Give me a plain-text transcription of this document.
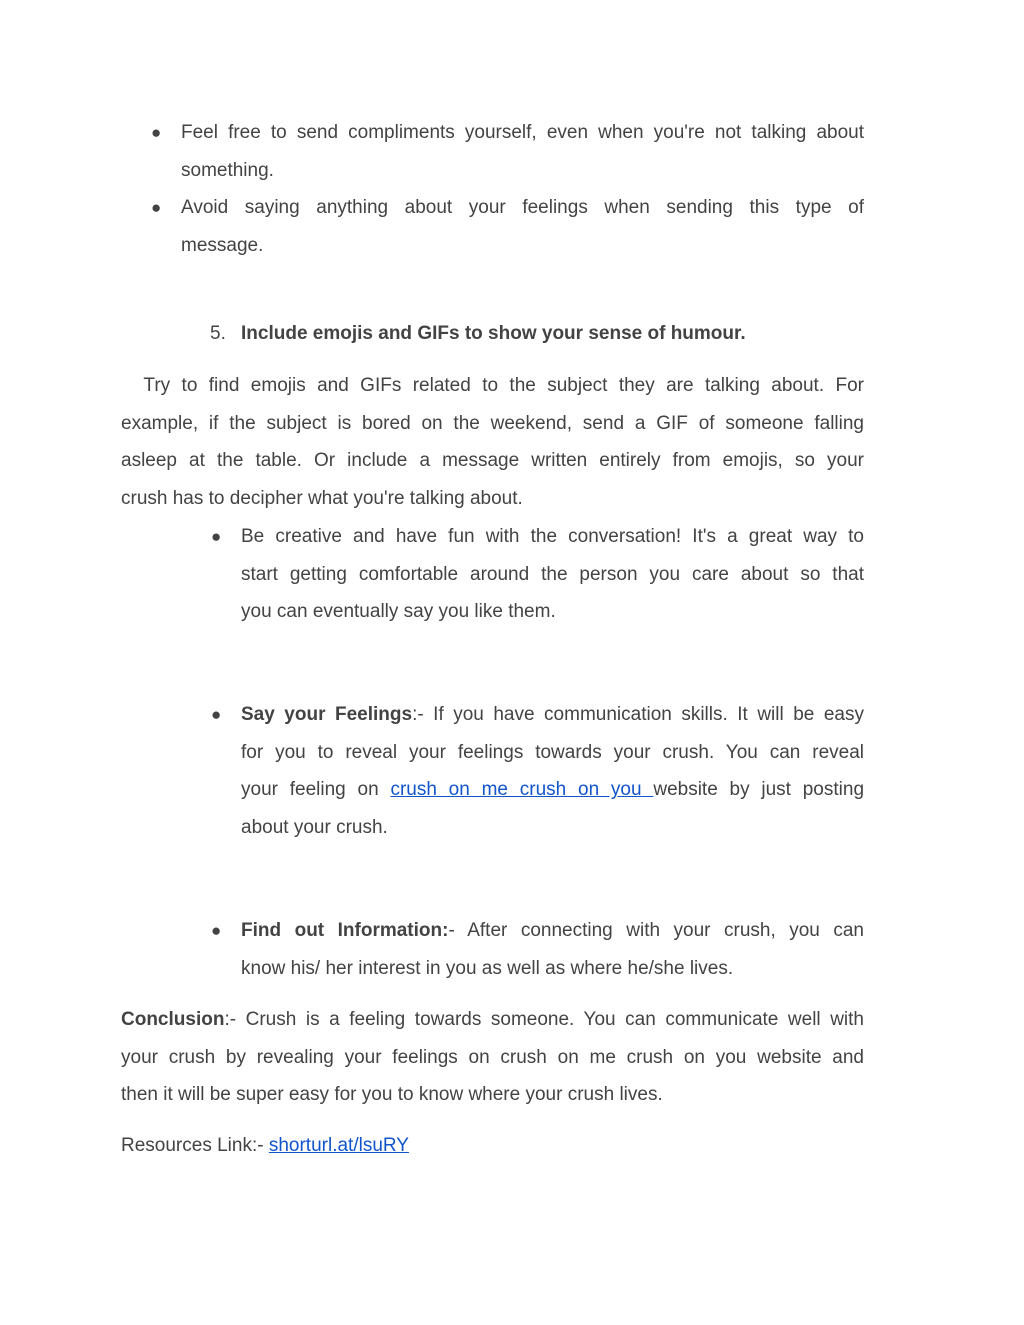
● Feel free to send compliments yourself, even when you're not talking about
something.
● Avoid saying anything about your feelings when sending this type of
message.
5. Include emojis and GIFs to show your sense of humour.
Try to find emojis and GIFs related to the subject they are talking about. For
example, if the subject is bored on the weekend, send a GIF of someone falling
asleep at the table. Or include a message written entirely from emojis, so your
crush has to decipher what you're talking about.
● Be creative and have fun with the conversation! It's a great way to
start getting comfortable around the person you care about so that
you can eventually say you like them.
● Say your Feelings:- If you have communication skills. It will be easy
for you to reveal your feelings towards your crush. You can reveal
your feeling on crush on me crush on you website by just posting
about your crush.
● Find out Information:- After connecting with your crush, you can
know his/ her interest in you as well as where he/she lives.
Conclusion:- Crush is a feeling towards someone. You can communicate well with
your crush by revealing your feelings on crush on me crush on you website and
then it will be super easy for you to know where your crush lives.
Resources Link:- shorturl.at/lsuRY
